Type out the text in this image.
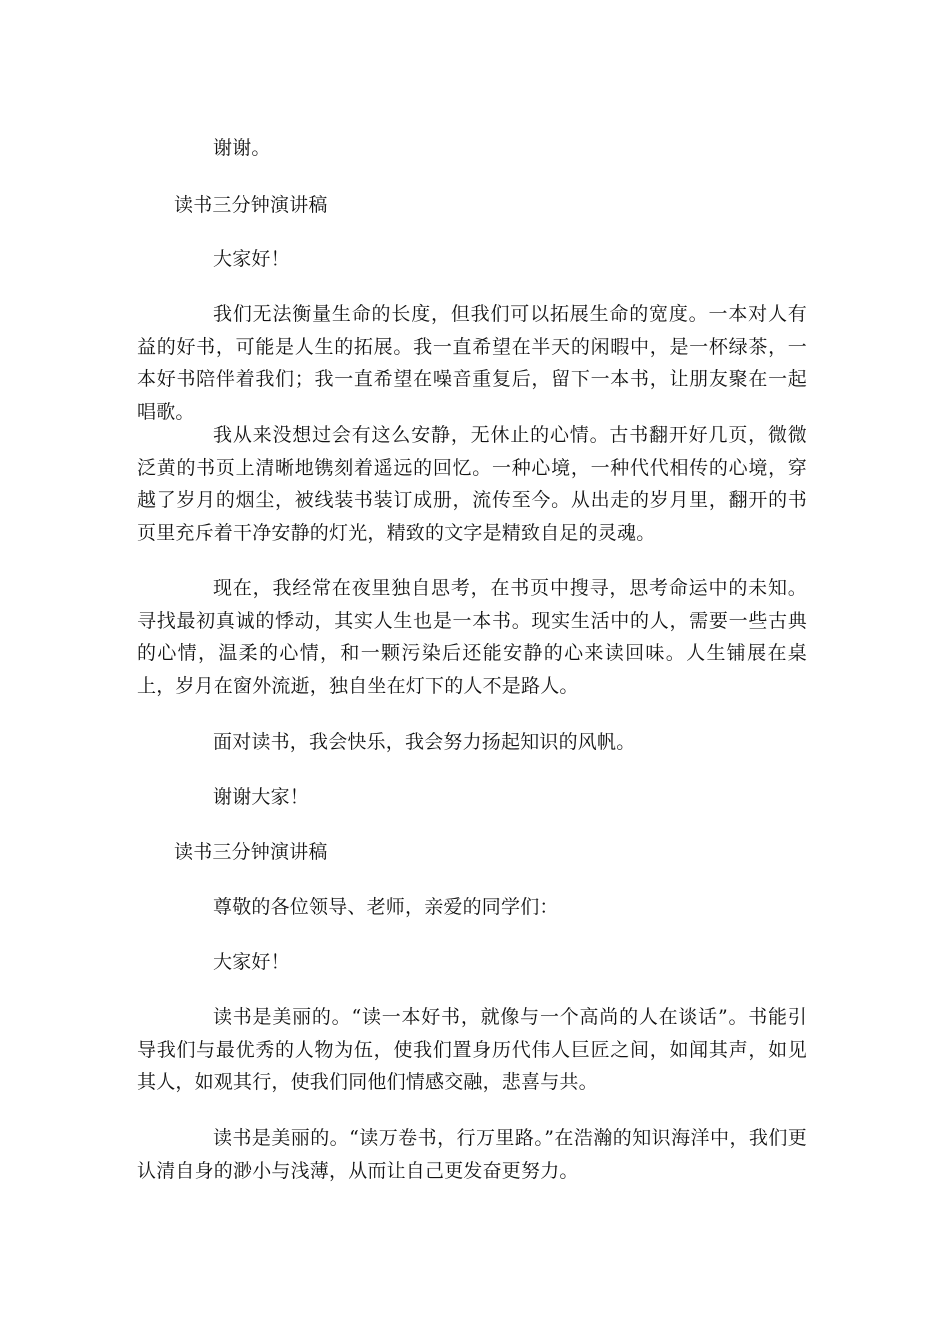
谢谢。

读书三分钟演讲稿

大家好！

我们无法衡量生命的长度，但我们可以拓展生命的宽度。一本对人有益的好书，可能是人生的拓展。我一直希望在半天的闲暇中，是一杯绿茶，一本好书陪伴着我们；我一直希望在噪音重复后，留下一本书，让朋友聚在一起唱歌。

我从来没想过会有这么安静，无休止的心情。古书翻开好几页，微微泛黄的书页上清晰地镌刻着遥远的回忆。一种心境，一种代代相传的心境，穿越了岁月的烟尘，被线装书装订成册，流传至今。从出走的岁月里，翻开的书页里充斥着干净安静的灯光，精致的文字是精致自足的灵魂。

现在，我经常在夜里独自思考，在书页中搜寻，思考命运中的未知。寻找最初真诚的悸动，其实人生也是一本书。现实生活中的人，需要一些古典的心情，温柔的心情，和一颗污染后还能安静的心来读回味。人生铺展在桌上，岁月在窗外流逝，独自坐在灯下的人不是路人。

面对读书，我会快乐，我会努力扬起知识的风帆。

谢谢大家！

读书三分钟演讲稿

尊敬的各位领导、老师，亲爱的同学们：

大家好！

读书是美丽的。“读一本好书，就像与一个高尚的人在谈话”。书能引导我们与最优秀的人物为伍，使我们置身历代伟人巨匠之间，如闻其声，如见其人，如观其行，使我们同他们情感交融，悲喜与共。

读书是美丽的。“读万卷书，行万里路。”在浩瀚的知识海洋中，我们更认清自身的渺小与浅薄，从而让自己更发奋更努力。
